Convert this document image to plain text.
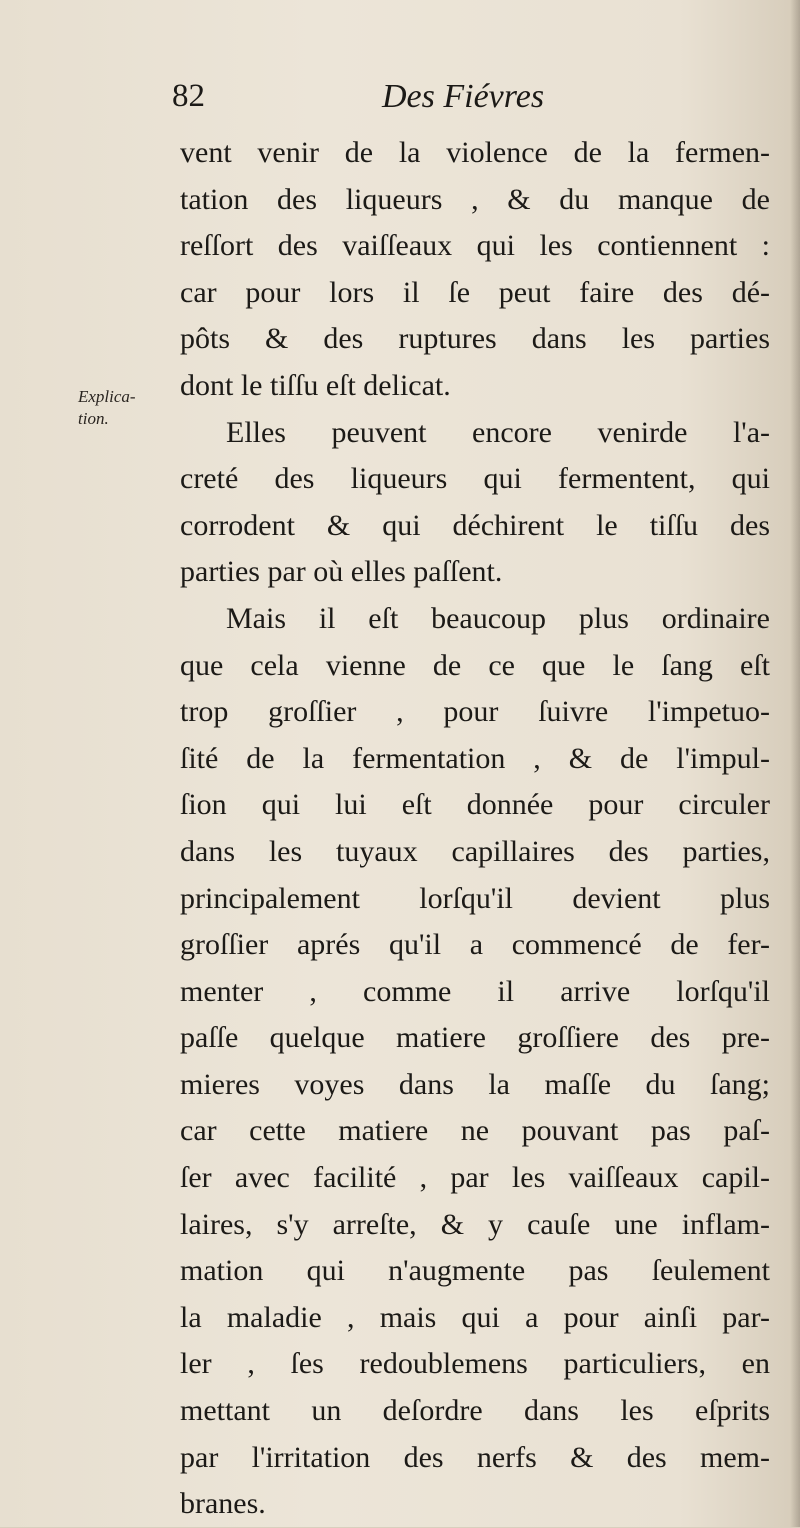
82	Des Fiévres
Explica-
tion.
vent venir de la violence de la fermen-
tation des liqueurs , & du manque de
reſſort des vaiſſeaux qui les contiennent :
car pour lors il ſe peut faire des dé-
pôts & des ruptures dans les parties
dont le tiſſu eſt delicat.
Elles peuvent encore venirde l'a-
creté des liqueurs qui fermentent, qui
corrodent & qui déchirent le tiſſu des
parties par où elles paſſent.
Mais il eſt beaucoup plus ordinaire
que cela vienne de ce que le ſang eſt
trop groſſier , pour ſuivre l'impetuo-
ſité de la fermentation , & de l'impul-
ſion qui lui eſt donnée pour circuler
dans les tuyaux capillaires des parties,
principalement lorſqu'il devient plus
groſſier aprés qu'il a commencé de fer-
menter , comme il arrive lorſqu'il
paſſe quelque matiere groſſiere des pre-
mieres voyes dans la maſſe du ſang;
car cette matiere ne pouvant pas paſ-
ſer avec facilité , par les vaiſſeaux capil-
laires, s'y arreſte, & y cauſe une inflam-
mation qui n'augmente pas ſeulement
la maladie , mais qui a pour ainſi par-
ler , ſes redoublemens particuliers, en
mettant un deſordre dans les eſprits
par l'irritation des nerfs & des mem-
branes.
